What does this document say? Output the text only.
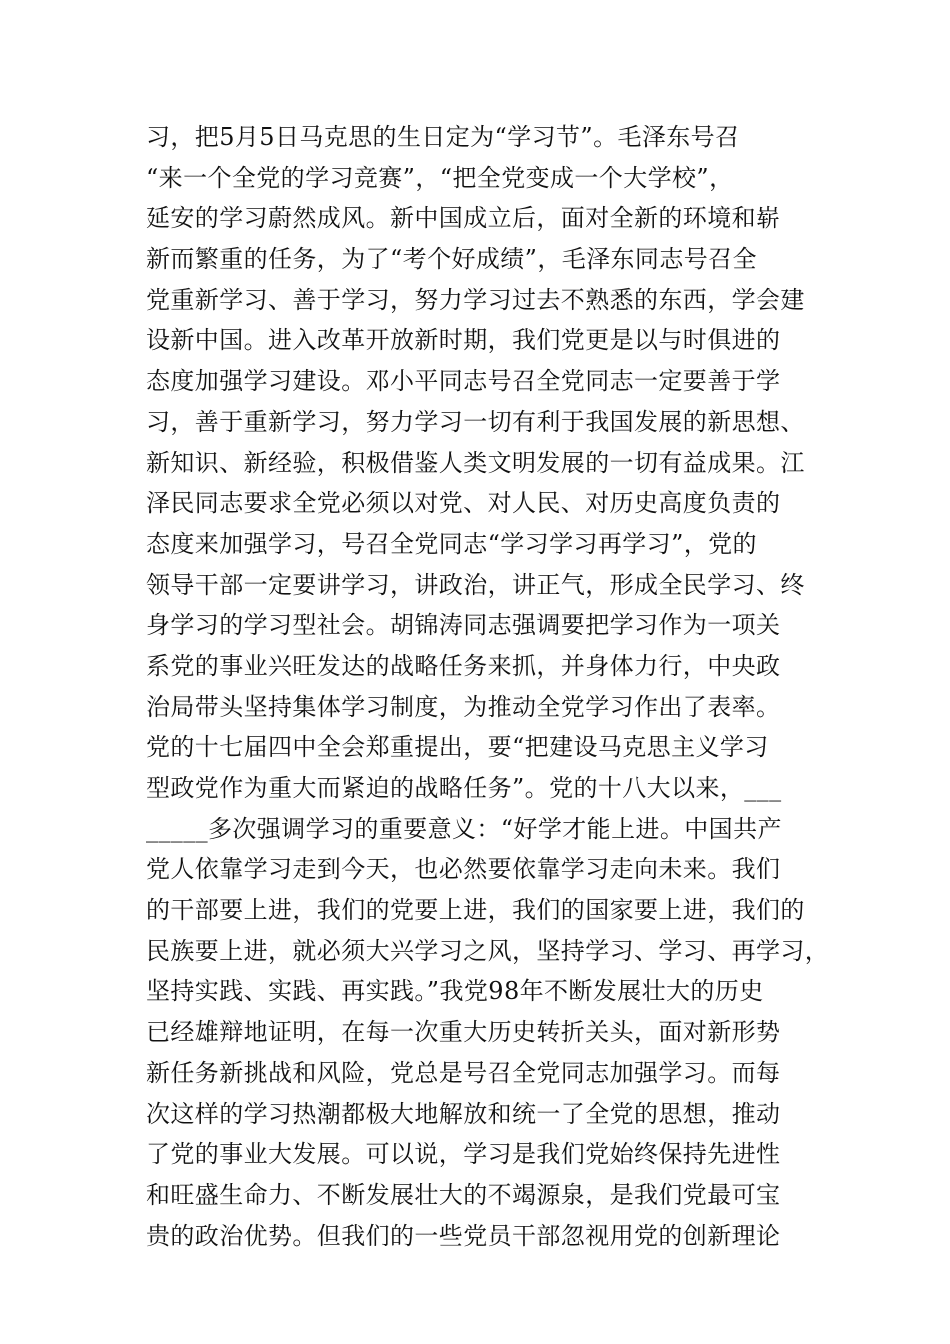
习，把5月5日马克思的生日定为“学习节”。毛泽东号召
“来一个全党的学习竞赛”，“把全党变成一个大学校”，
延安的学习蔚然成风。新中国成立后，面对全新的环境和崭
新而繁重的任务，为了“考个好成绩”，毛泽东同志号召全
党重新学习、善于学习，努力学习过去不熟悉的东西，学会建
设新中国。进入改革开放新时期，我们党更是以与时俱进的
态度加强学习建设。邓小平同志号召全党同志一定要善于学
习，善于重新学习，努力学习一切有利于我国发展的新思想、
新知识、新经验，积极借鉴人类文明发展的一切有益成果。江
泽民同志要求全党必须以对党、对人民、对历史高度负责的
态度来加强学习，号召全党同志“学习学习再学习”，党的
领导干部一定要讲学习，讲政治，讲正气，形成全民学习、终
身学习的学习型社会。胡锦涛同志强调要把学习作为一项关
系党的事业兴旺发达的战略任务来抓，并身体力行，中央政
治局带头坚持集体学习制度，为推动全党学习作出了表率。
党的十七届四中全会郑重提出，要“把建设马克思主义学习
型政党作为重大而紧迫的战略任务”。党的十八大以来，___
_____多次强调学习的重要意义：“好学才能上进。中国共产
党人依靠学习走到今天，也必然要依靠学习走向未来。我们
的干部要上进，我们的党要上进，我们的国家要上进，我们的
民族要上进，就必须大兴学习之风，坚持学习、学习、再学习，
坚持实践、实践、再实践。”我党98年不断发展壮大的历史
已经雄辩地证明，在每一次重大历史转折关头，面对新形势
新任务新挑战和风险，党总是号召全党同志加强学习。而每
次这样的学习热潮都极大地解放和统一了全党的思想，推动
了党的事业大发展。可以说，学习是我们党始终保持先进性
和旺盛生命力、不断发展壮大的不竭源泉，是我们党最可宝
贵的政治优势。但我们的一些党员干部忽视用党的创新理论
